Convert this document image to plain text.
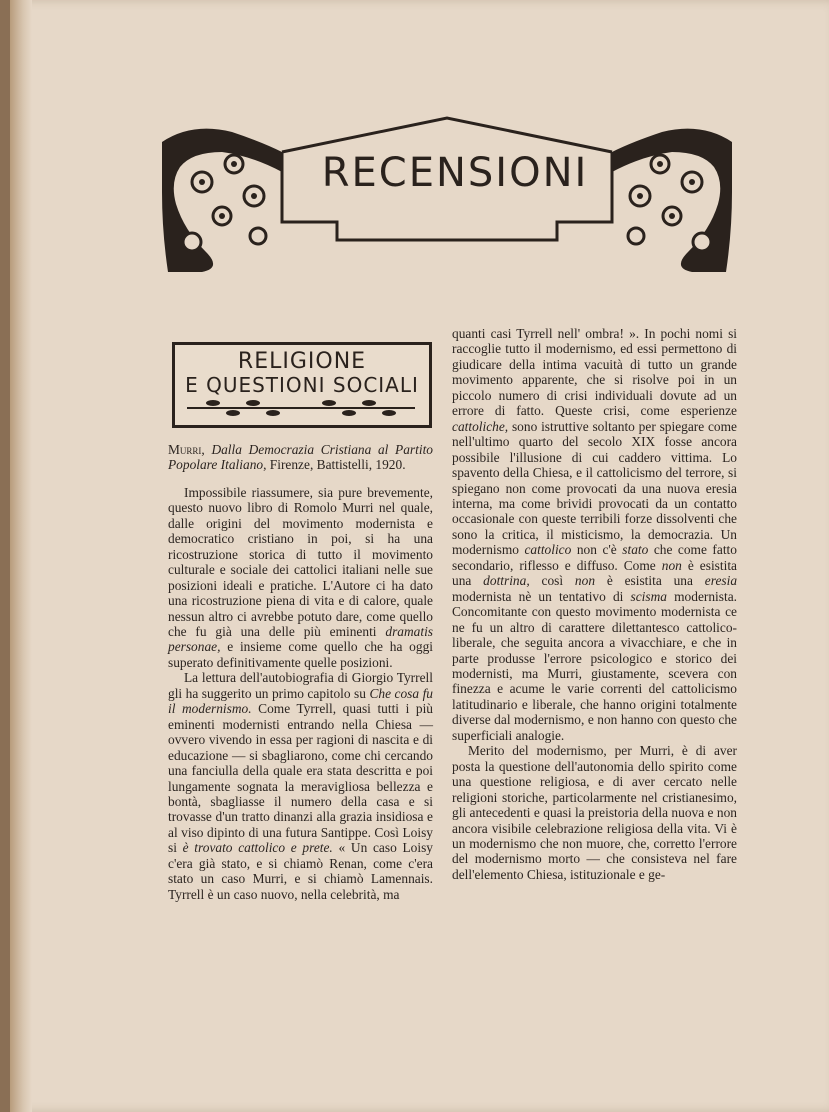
RECENSIONI
RELIGIONE
E QUESTIONI SOCIALI

Murri, Dalla Democrazia Cristiana al Partito Popolare Italiano, Firenze, Battistelli, 1920.

Impossibile riassumere, sia pure brevemente, questo nuovo libro di Romolo Murri nel quale, dalle origini del movimento modernista e democratico cristiano in poi, si ha una ricostruzione storica di tutto il movimento culturale e sociale dei cattolici italiani nelle sue posizioni ideali e pratiche. L'Autore ci ha dato una ricostruzione piena di vita e di calore, quale nessun altro ci avrebbe potuto dare, come quello che fu già una delle più eminenti dramatis personae, e insieme come quello che ha oggi superato definitivamente quelle posizioni.

La lettura dell'autobiografia di Giorgio Tyrrell gli ha suggerito un primo capitolo su Che cosa fu il modernismo. Come Tyrrell, quasi tutti i più eminenti modernisti entrando nella Chiesa — ovvero vivendo in essa per ragioni di nascita e di educazione — si sbagliarono, come chi cercando una fanciulla della quale era stata descritta e poi lungamente sognata la meravigliosa bellezza e bontà, sbagliasse il numero della casa e si trovasse d'un tratto dinanzi alla grazia insidiosa e al viso dipinto di una futura Santippe. Così Loisy si è trovato cattolico e prete. « Un caso Loisy c'era già stato, e si chiamò Renan, come c'era stato un caso Murri, e si chiamò Lamennais. Tyrrell è un caso nuovo, nella celebrità, ma

quanti casi Tyrrell nell' ombra! ». In pochi nomi si raccoglie tutto il modernismo, ed essi permettono di giudicare della intima vacuità di tutto un grande movimento apparente, che si risolve poi in un piccolo numero di crisi individuali dovute ad un errore di fatto. Queste crisi, come esperienze cattoliche, sono istruttive soltanto per spiegare come nell'ultimo quarto del secolo XIX fosse ancora possibile l'illusione di cui caddero vittima. Lo spavento della Chiesa, e il cattolicismo del terrore, si spiegano non come provocati da una nuova eresia interna, ma come brividi provocati da un contatto occasionale con queste terribili forze dissolventi che sono la critica, il misticismo, la democrazia. Un modernismo cattolico non c'è stato che come fatto secondario, riflesso e diffuso. Come non è esistita una dottrina, così non è esistita una eresia modernista nè un tentativo di scisma modernista. Concomitante con questo movimento modernista ce ne fu un altro di carattere dilettantesco cattolico-liberale, che seguita ancora a vivacchiare, e che in parte produsse l'errore psicologico e storico dei modernisti, ma Murri, giustamente, scevera con finezza e acume le varie correnti del cattolicismo latitudinario e liberale, che hanno origini totalmente diverse dal modernismo, e non hanno con questo che superficiali analogie.

Merito del modernismo, per Murri, è di aver posta la questione dell'autonomia dello spirito come una questione religiosa, e di aver cercato nelle religioni storiche, particolarmente nel cristianesimo, gli antecedenti e quasi la preistoria della nuova e non ancora visibile celebrazione religiosa della vita. Vi è un modernismo che non muore, che, corretto l'errore del modernismo morto — che consisteva nel fare dell'elemento Chiesa, istituzionale e ge-
